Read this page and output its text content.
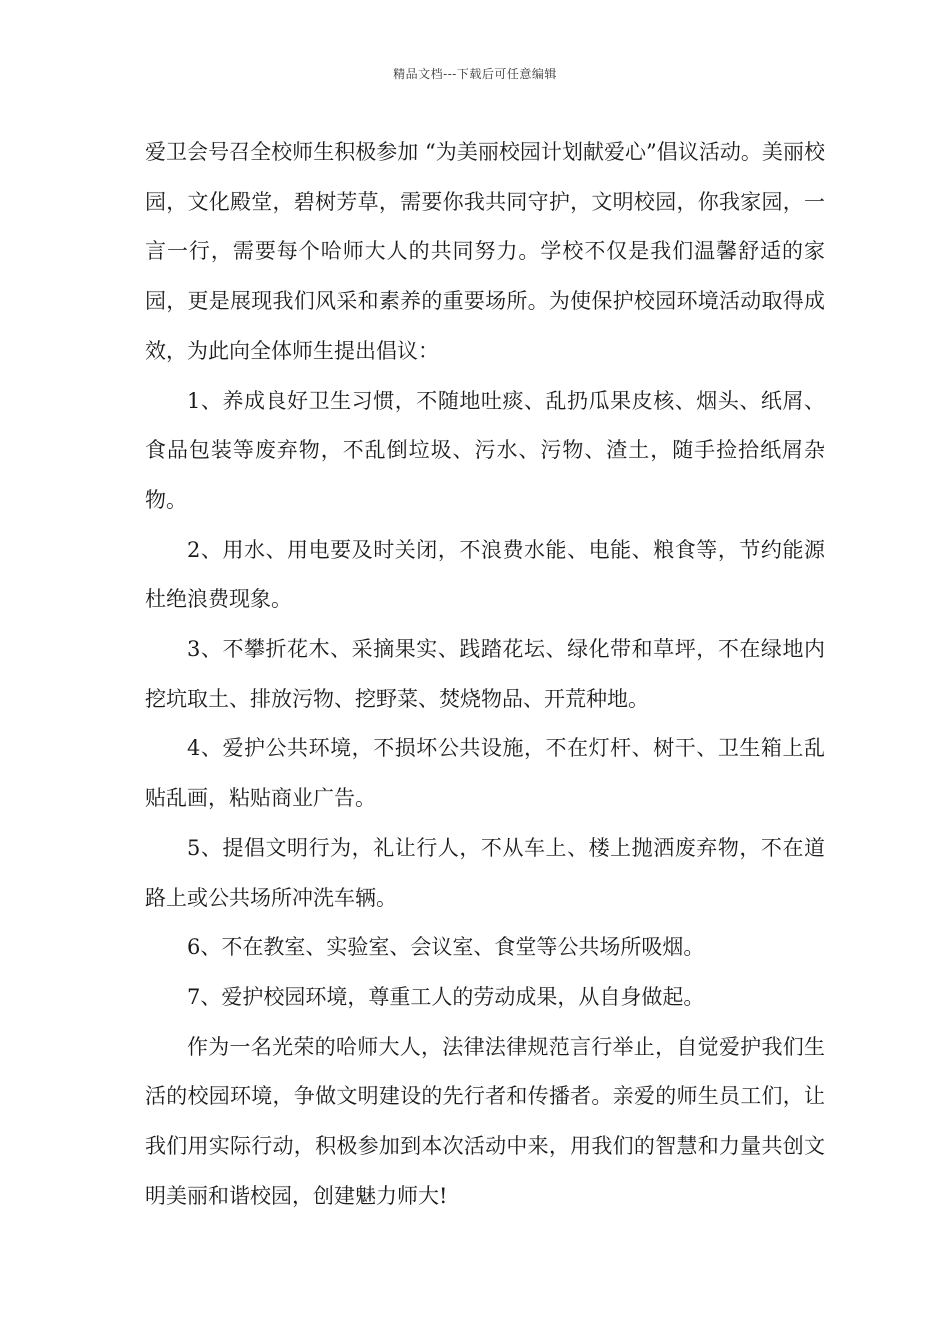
精品文档---下载后可任意编辑

爱卫会号召全校师生积极参加 “为美丽校园计划献爱心”倡议活动。美丽校园，文化殿堂，碧树芳草，需要你我共同守护，文明校园，你我家园，一言一行，需要每个哈师大人的共同努力。学校不仅是我们温馨舒适的家园，更是展现我们风采和素养的重要场所。为使保护校园环境活动取得成效，为此向全体师生提出倡议：

1、养成良好卫生习惯，不随地吐痰、乱扔瓜果皮核、烟头、纸屑、食品包装等废弃物，不乱倒垃圾、污水、污物、渣土，随手捡拾纸屑杂物。

2、用水、用电要及时关闭，不浪费水能、电能、粮食等，节约能源杜绝浪费现象。

3、不攀折花木、采摘果实、践踏花坛、绿化带和草坪，不在绿地内挖坑取土、排放污物、挖野菜、焚烧物品、开荒种地。

4、爱护公共环境，不损坏公共设施，不在灯杆、树干、卫生箱上乱贴乱画，粘贴商业广告。

5、提倡文明行为，礼让行人，不从车上、楼上抛洒废弃物，不在道路上或公共场所冲洗车辆。

6、不在教室、实验室、会议室、食堂等公共场所吸烟。

7、爱护校园环境，尊重工人的劳动成果，从自身做起。

作为一名光荣的哈师大人，法律法律规范言行举止，自觉爱护我们生活的校园环境，争做文明建设的先行者和传播者。亲爱的师生员工们，让我们用实际行动，积极参加到本次活动中来，用我们的智慧和力量共创文明美丽和谐校园，创建魅力师大!
